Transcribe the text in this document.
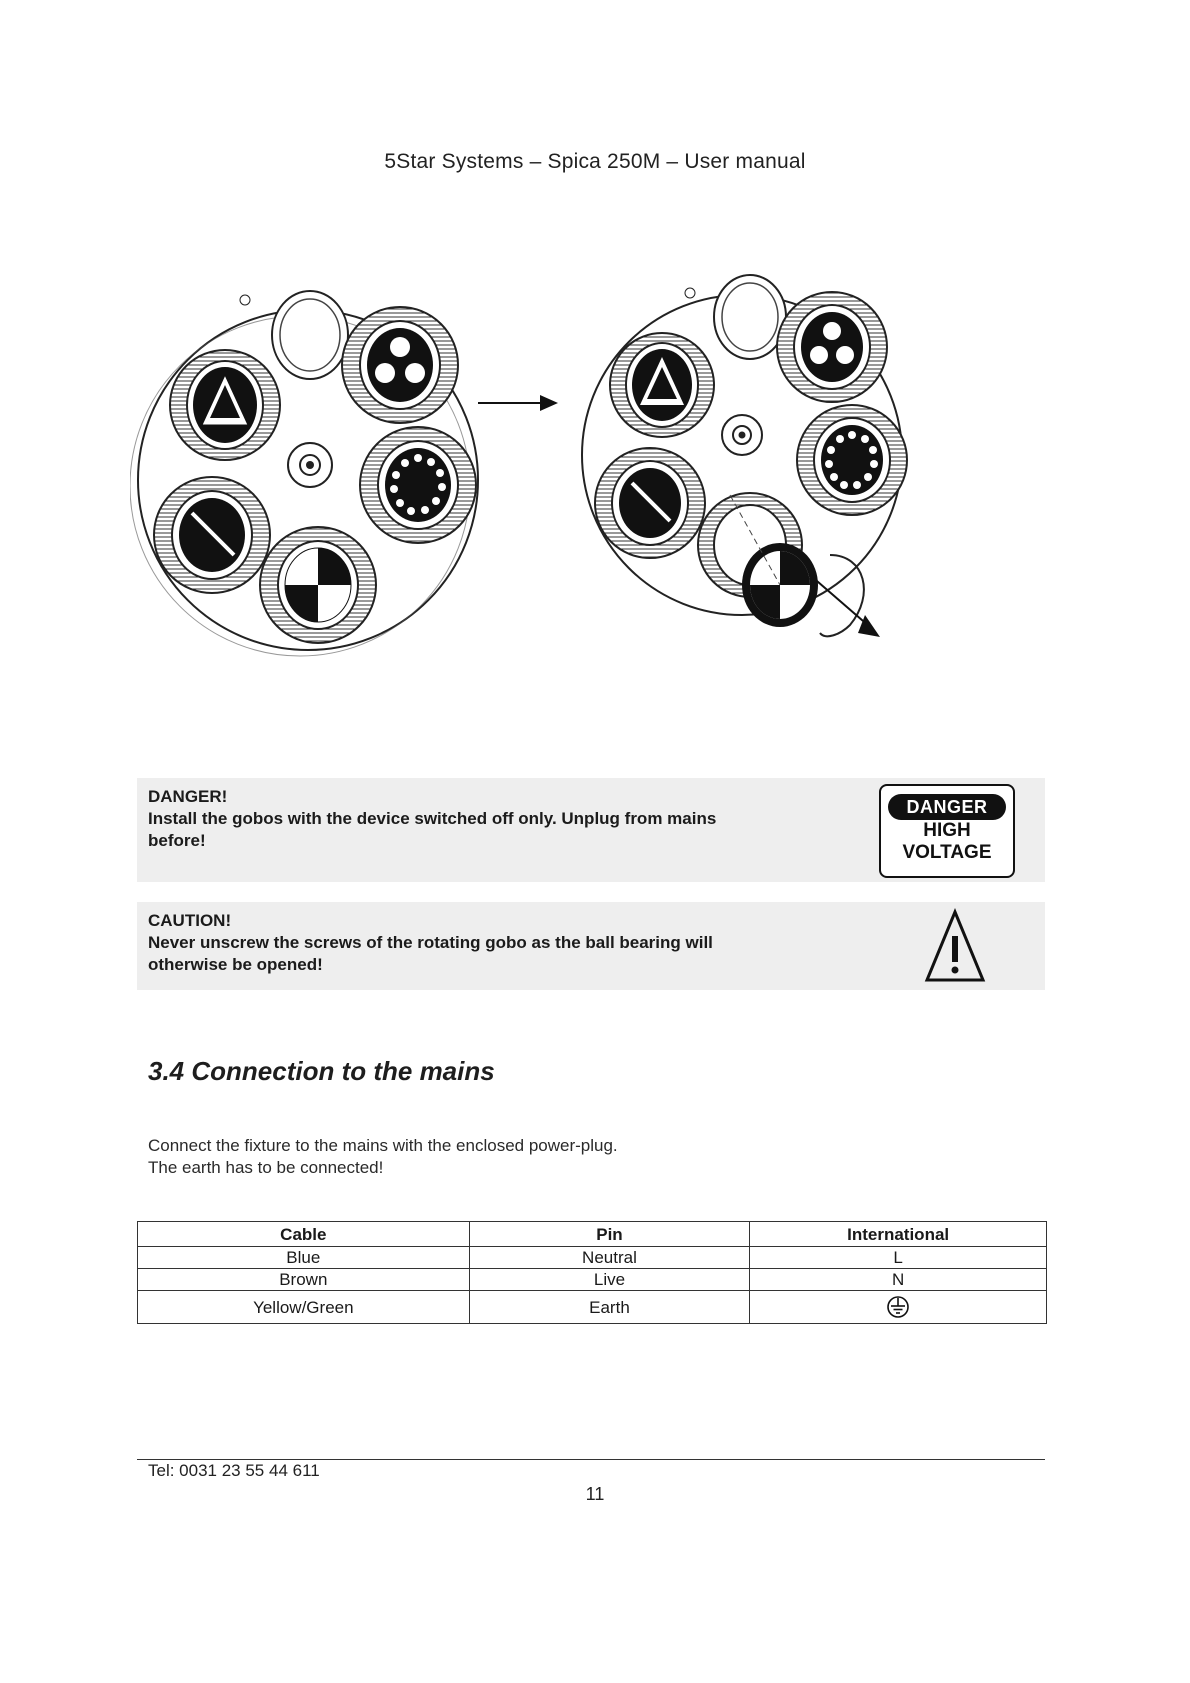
5Star Systems – Spica 250M – User manual
DANGER!
Install the gobos with the device switched off only. Unplug from mains
before!
DANGER
HIGH
VOLTAGE
CAUTION!
Never unscrew the screws of the rotating gobo as the ball bearing will
otherwise be opened!
3.4 Connection to the mains
Connect the fixture to the mains with the enclosed power-plug.
The earth has to be connected!
Cable	Pin	International
Blue	Neutral	L
Brown	Live	N
Yellow/Green	Earth	
Tel: 0031 23 55 44 611
11
